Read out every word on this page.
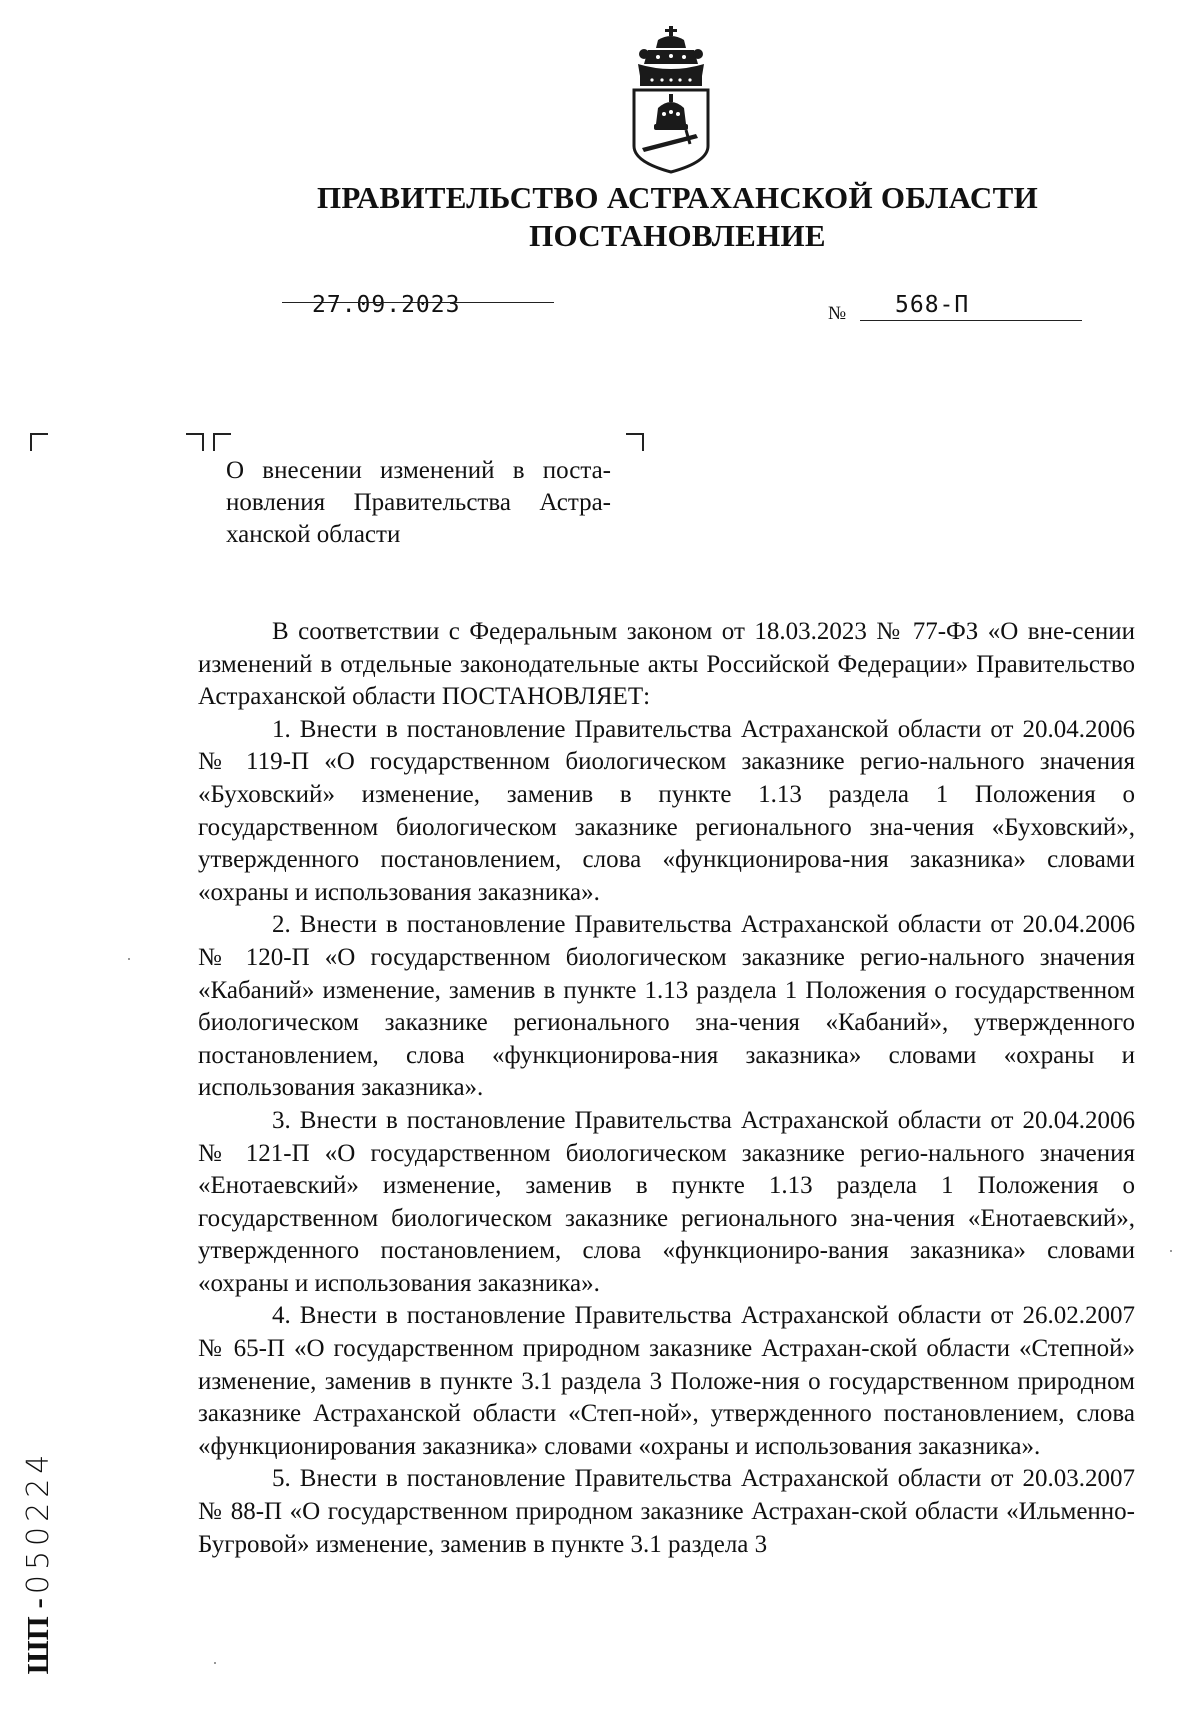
ПРАВИТЕЛЬСТВО АСТРАХАНСКОЙ ОБЛАСТИ
ПОСТАНОВЛЕНИЕ
27.09.2023	№ 568-П
О внесении изменений в поста-новления Правительства Астра-ханской области

В соответствии с Федеральным законом от 18.03.2023 № 77-ФЗ «О вне-сении изменений в отдельные законодательные акты Российской Федерации» Правительство Астраханской области ПОСТАНОВЛЯЕТ:

1. Внести в постановление Правительства Астраханской области от 20.04.2006 № 119-П «О государственном биологическом заказнике регио-нального значения «Буховский» изменение, заменив в пункте 1.13 раздела 1 Положения о государственном биологическом заказнике регионального зна-чения «Буховский», утвержденного постановлением, слова «функционирова-ния заказника» словами «охраны и использования заказника».

2. Внести в постановление Правительства Астраханской области от 20.04.2006 № 120-П «О государственном биологическом заказнике регио-нального значения «Кабаний» изменение, заменив в пункте 1.13 раздела 1 Положения о государственном биологическом заказнике регионального зна-чения «Кабаний», утвержденного постановлением, слова «функционирова-ния заказника» словами «охраны и использования заказника».

3. Внести в постановление Правительства Астраханской области от 20.04.2006 № 121-П «О государственном биологическом заказнике регио-нального значения «Енотаевский» изменение, заменив в пункте 1.13 раздела 1 Положения о государственном биологическом заказнике регионального зна-чения «Енотаевский», утвержденного постановлением, слова «функциониро-вания заказника» словами «охраны и использования заказника».

4. Внести в постановление Правительства Астраханской области от 26.02.2007 № 65-П «О государственном природном заказнике Астрахан-ской области «Степной» изменение, заменив в пункте 3.1 раздела 3 Положе-ния о государственном природном заказнике Астраханской области «Степ-ной», утвержденного постановлением, слова «функционирования заказника» словами «охраны и использования заказника».

5. Внести в постановление Правительства Астраханской области от 20.03.2007 № 88-П «О государственном природном заказнике Астрахан-ской области «Ильменно-Бугровой» изменение, заменив в пункте 3.1 раздела 3

ШП - 050224
